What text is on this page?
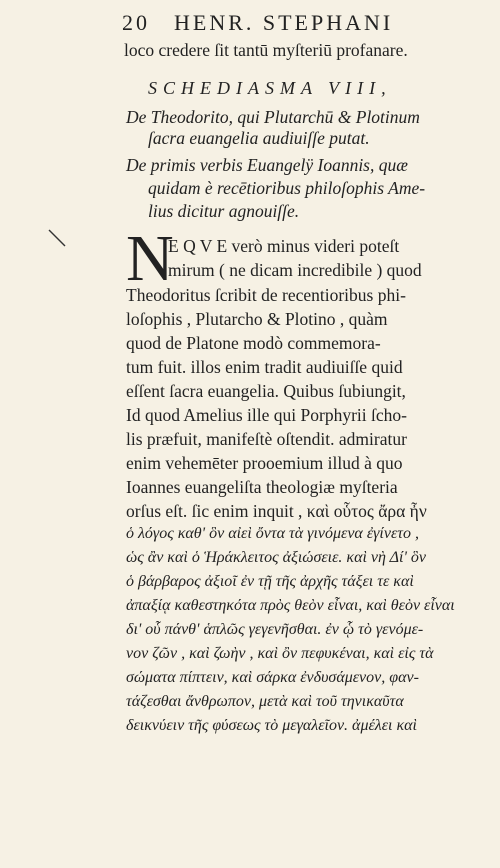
20 HENR. STEPHANI
loco credere ſit tantū myſteriū profanare.
SCHEDIASMA VIII,
De Theodorito, qui Plutarchū & Plotinum
ſacra euangelia audiuiſſe putat.
De primis verbis Euangelÿ Ioannis, quæ
quidam è recētioribus philoſophis Ame-
lius dicitur agnouiſſe.
N
E Q V E verò minus videri poteſt
mirum ( ne dicam incredibile ) quod
Theodoritus ſcribit de recentioribus phi-
loſophis , Plutarcho & Plotino , quàm
quod de Platone modò commemora-
tum fuit. illos enim tradit audiuiſſe quid
eſſent ſacra euangelia. Quibus ſubiungit,
Id quod Amelius ille qui Porphyrii ſcho-
lis præfuit, manifeſtè oſtendit. admiratur
enim vehemēter prooemium illud à quo
Ioannes euangeliſta theologiæ myſteria
orſus eſt. ſic enim inquit , καὶ οὗτος ἄρα ἦν
ὁ λόγος καθ' ὃν αἰεὶ ὄντα τὰ γινόμενα ἐγίνετο ,
ὡς ἂν καὶ ὁ Ἡράκλειτος ἀξιώσειε. καὶ νὴ Δί' ὃν
ὁ βάρβαρος ἀξιοῖ ἐν τῇ τῆς ἀρχῆς τάξει τε καὶ
ἀπαξίᾳ καθεστηκότα πρὸς θεὸν εἶναι, καὶ θεὸν εἶναι
δι' οὗ πάνθ' ἁπλῶς γεγενῆσθαι. ἐν ᾧ τὸ γενόμε-
νον ζῶν , καὶ ζωὴν , καὶ ὂν πεφυκέναι, καὶ εἰς τὰ
σώματα πίπτειν, καὶ σάρκα ἐνδυσάμενον, φαν-
τάζεσθαι ἄνθρωπον, μετὰ καὶ τοῦ τηνικαῦτα
δεικνύειν τῆς φύσεως τὸ μεγαλεῖον. ἀμέλει καὶ
